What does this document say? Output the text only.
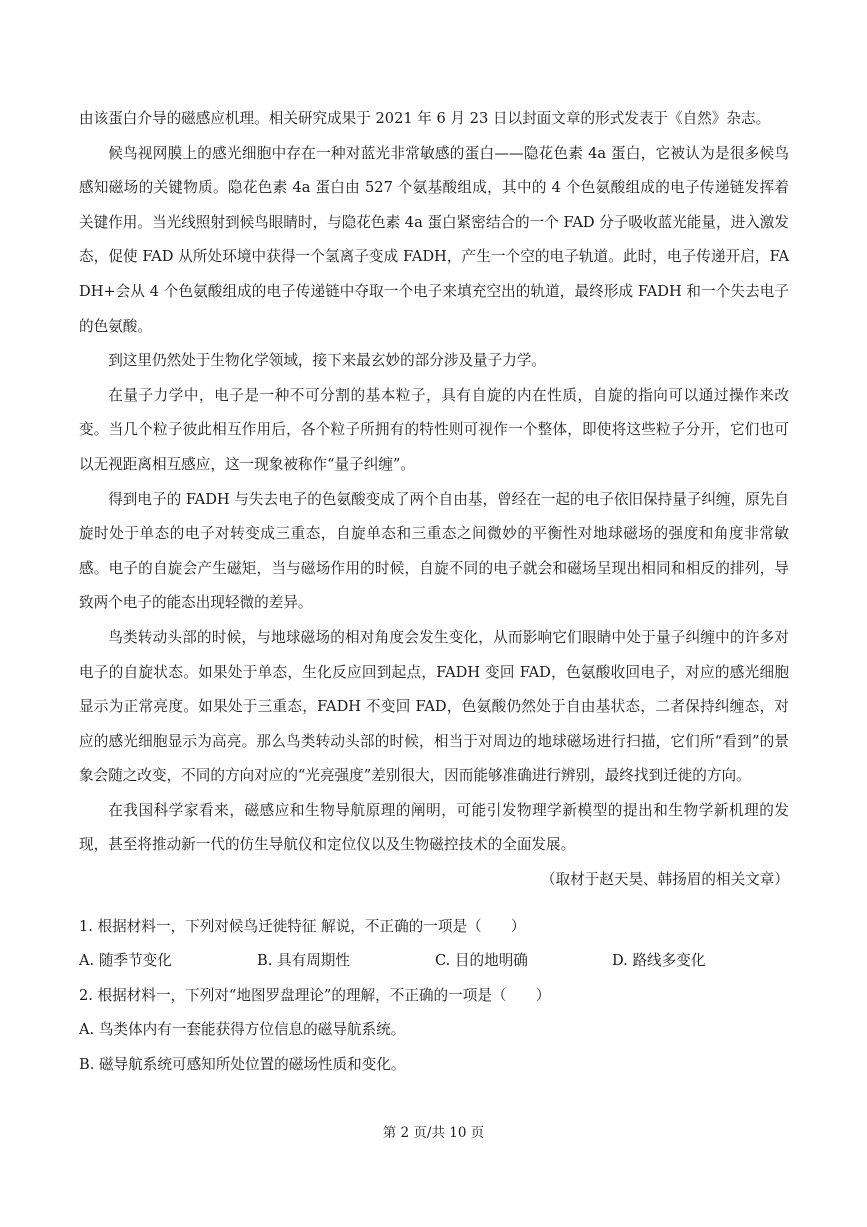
由该蛋白介导的磁感应机理。相关研究成果于 2021 年 6 月 23 日以封面文章的形式发表于《自然》杂志。

候鸟视网膜上的感光细胞中存在一种对蓝光非常敏感的蛋白——隐花色素 4a 蛋白，它被认为是很多候鸟感知磁场的关键物质。隐花色素 4a 蛋白由 527 个氨基酸组成，其中的 4 个色氨酸组成的电子传递链发挥着关键作用。当光线照射到候鸟眼睛时，与隐花色素 4a 蛋白紧密结合的一个 FAD 分子吸收蓝光能量，进入激发态，促使 FAD 从所处环境中获得一个氢离子变成 FADH，产生一个空的电子轨道。此时，电子传递开启，FADH+会从 4 个色氨酸组成的电子传递链中夺取一个电子来填充空出的轨道，最终形成 FADH 和一个失去电子的色氨酸。

到这里仍然处于生物化学领域，接下来最玄妙的部分涉及量子力学。

在量子力学中，电子是一种不可分割的基本粒子，具有自旋的内在性质，自旋的指向可以通过操作来改变。当几个粒子彼此相互作用后，各个粒子所拥有的特性则可视作一个整体，即使将这些粒子分开，它们也可以无视距离相互感应，这一现象被称作“量子纠缠”。

得到电子的 FADH 与失去电子的色氨酸变成了两个自由基，曾经在一起的电子依旧保持量子纠缠，原先自旋时处于单态的电子对转变成三重态，自旋单态和三重态之间微妙的平衡性对地球磁场的强度和角度非常敏感。电子的自旋会产生磁矩，当与磁场作用的时候，自旋不同的电子就会和磁场呈现出相同和相反的排列，导致两个电子的能态出现轻微的差异。

鸟类转动头部的时候，与地球磁场的相对角度会发生变化，从而影响它们眼睛中处于量子纠缠中的许多对电子的自旋状态。如果处于单态，生化反应回到起点，FADH 变回 FAD，色氨酸收回电子，对应的感光细胞显示为正常亮度。如果处于三重态，FADH 不变回 FAD，色氨酸仍然处于自由基状态，二者保持纠缠态，对应的感光细胞显示为高亮。那么鸟类转动头部的时候，相当于对周边的地球磁场进行扫描，它们所“看到”的景象会随之改变，不同的方向对应的“光亮强度”差别很大，因而能够准确进行辨别，最终找到迁徙的方向。

在我国科学家看来，磁感应和生物导航原理的阐明，可能引发物理学新模型的提出和生物学新机理的发现，甚至将推动新一代的仿生导航仪和定位仪以及生物磁控技术的全面发展。

（取材于赵天昊、韩扬眉的相关文章）

1. 根据材料一，下列对候鸟迁徙特征 解说，不正确的一项是（　　）

A. 随季节变化	B. 具有周期性	C. 目的地明确	D. 路线多变化

2. 根据材料一，下列对“地图罗盘理论”的理解，不正确的一项是（　　）

A. 鸟类体内有一套能获得方位信息的磁导航系统。

B. 磁导航系统可感知所处位置的磁场性质和变化。

第 2 页/共 10 页
